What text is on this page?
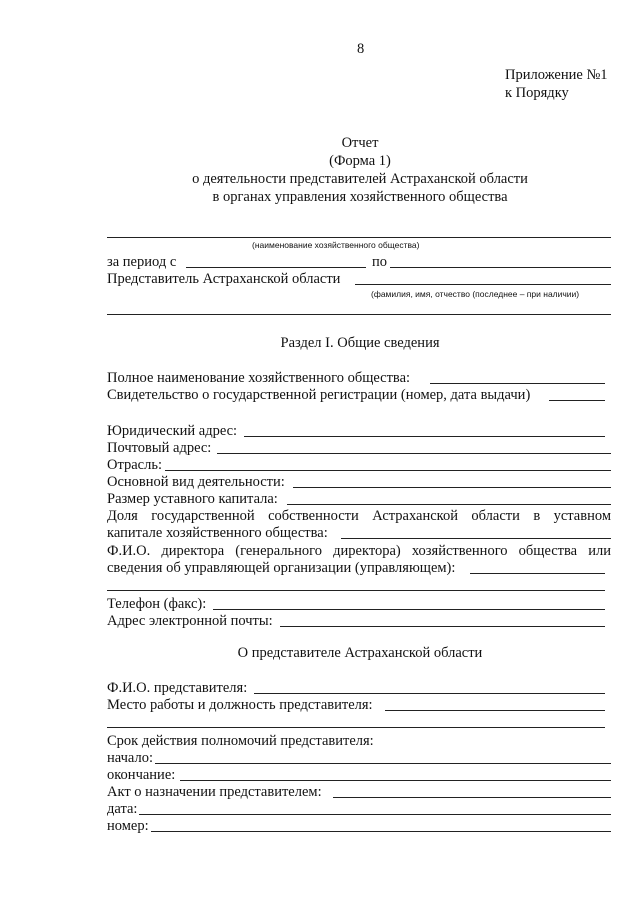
8
Приложение №1
к Порядку
Отчет
(Форма 1)
о деятельности представителей Астраханской области
в органах управления хозяйственного общества
(наименование хозяйственного общества)
за период с	по
Представитель Астраханской области
(фамилия, имя, отчество (последнее – при наличии)
Раздел I. Общие сведения
Полное наименование хозяйственного общества:
Свидетельство о государственной регистрации (номер, дата выдачи)
Юридический адрес:
Почтовый адрес:
Отрасль:
Основной вид деятельности:
Размер уставного капитала:
Доля государственной собственности Астраханской области в уставном
капитале хозяйственного общества:
Ф.И.О. директора (генерального директора) хозяйственного общества или
сведения об управляющей организации (управляющем):
Телефон (факс):
Адрес электронной почты:
О представителе Астраханской области
Ф.И.О. представителя:
Место работы и должность представителя:
Срок действия полномочий представителя:
начало:
окончание:
Акт о назначении представителем:
дата:
номер:
